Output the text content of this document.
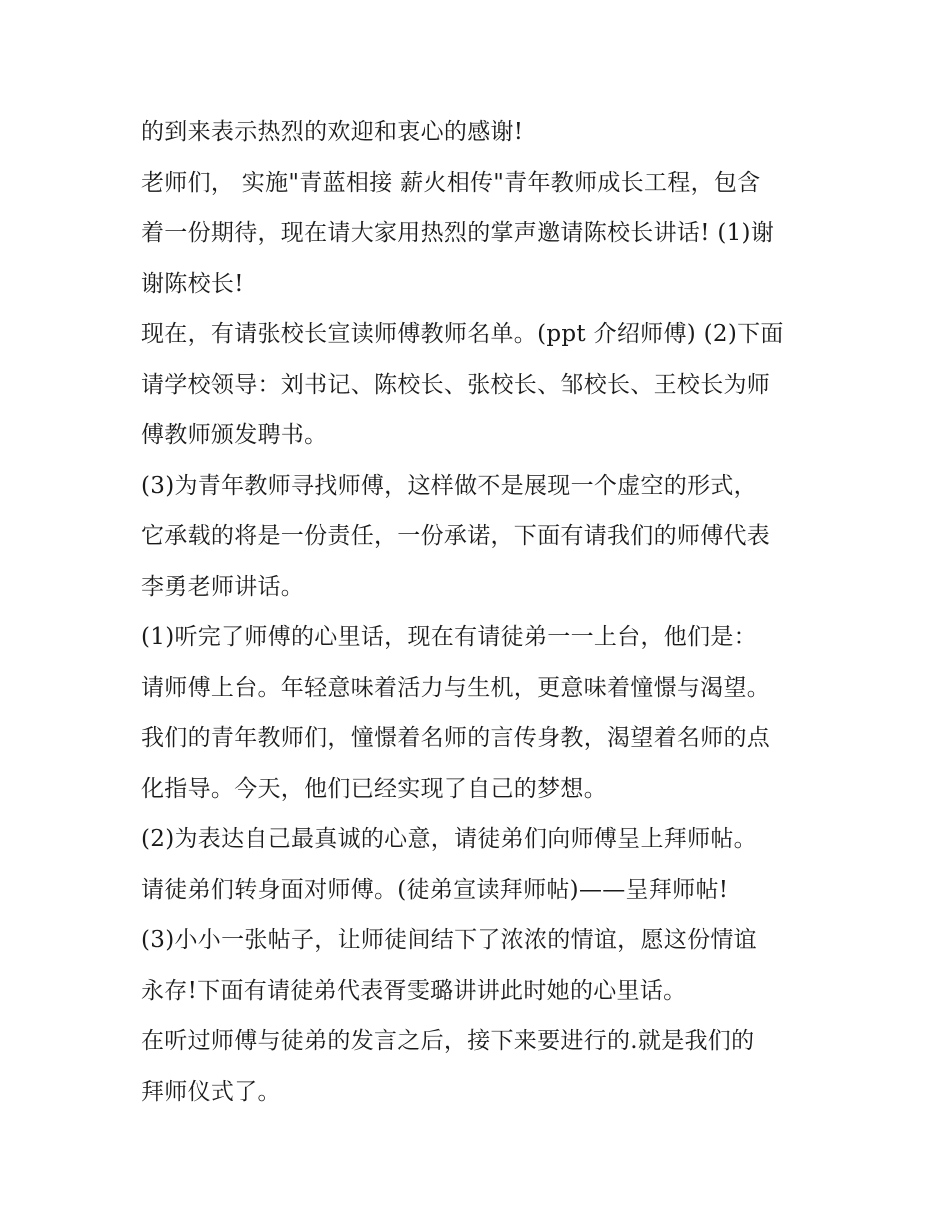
的到来表示热烈的欢迎和衷心的感谢!
老师们， 实施"青蓝相接 薪火相传"青年教师成长工程，包含
着一份期待，现在请大家用热烈的掌声邀请陈校长讲话! (1)谢
谢陈校长!
现在，有请张校长宣读师傅教师名单。(ppt 介绍师傅) (2)下面
请学校领导：刘书记、陈校长、张校长、邹校长、王校长为师
傅教师颁发聘书。
(3)为青年教师寻找师傅，这样做不是展现一个虚空的形式，
它承载的将是一份责任，一份承诺，下面有请我们的师傅代表
李勇老师讲话。
(1)听完了师傅的心里话，现在有请徒弟一一上台，他们是：
请师傅上台。年轻意味着活力与生机，更意味着憧憬与渴望。
我们的青年教师们，憧憬着名师的言传身教，渴望着名师的点
化指导。今天，他们已经实现了自己的梦想。
(2)为表达自己最真诚的心意，请徒弟们向师傅呈上拜师帖。
请徒弟们转身面对师傅。(徒弟宣读拜师帖)——呈拜师帖!
(3)小小一张帖子，让师徒间结下了浓浓的情谊，愿这份情谊
永存!下面有请徒弟代表胥雯璐讲讲此时她的心里话。
在听过师傅与徒弟的发言之后，接下来要进行的.就是我们的
拜师仪式了。
